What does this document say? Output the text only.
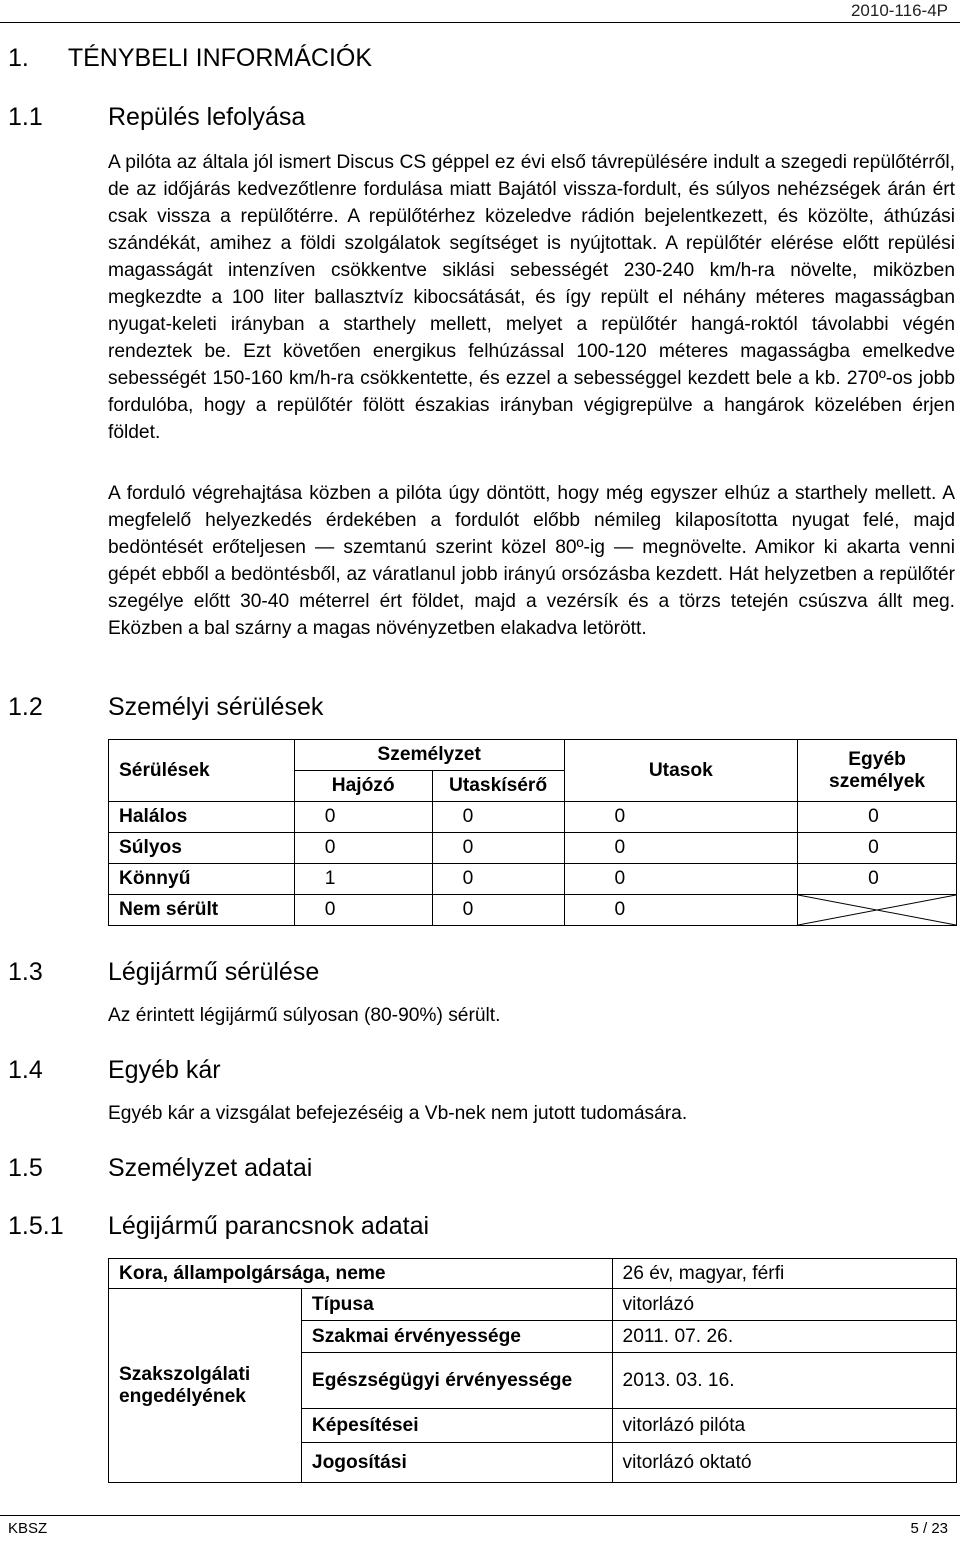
2010-116-4P
1. TÉNYBELI INFORMÁCIÓK
1.1	Repülés lefolyása
A pilóta az általa jól ismert Discus CS géppel ez évi első távrepülésére indult a szegedi repülőtérről, de az időjárás kedvezőtlenre fordulása miatt Bajától vissza-fordult, és súlyos nehézségek árán ért csak vissza a repülőtérre. A repülőtérhez közeledve rádión bejelentkezett, és közölte, áthúzási szándékát, amihez a földi szolgálatok segítséget is nyújtottak. A repülőtér elérése előtt repülési magasságát intenzíven csökkentve siklási sebességét 230-240 km/h-ra növelte, miközben megkezdte a 100 liter ballasztvíz kibocsátását, és így repült el néhány méteres magasságban nyugat-keleti irányban a starthely mellett, melyet a repülőtér hangá-roktól távolabbi végén rendeztek be. Ezt követően energikus felhúzással 100-120 méteres magasságba emelkedve sebességét 150-160 km/h-ra csökkentette, és ezzel a sebességgel kezdett bele a kb. 270º-os jobb fordulóba, hogy a repülőtér fölött északias irányban végigrepülve a hangárok közelében érjen földet.
A forduló végrehajtása közben a pilóta úgy döntött, hogy még egyszer elhúz a starthely mellett. A megfelelő helyezkedés érdekében a fordulót előbb némileg kilaposította nyugat felé, majd bedöntését erőteljesen — szemtanú szerint közel 80º-ig — megnövelte. Amikor ki akarta venni gépét ebből a bedöntésből, az váratlanul jobb irányú orsózásba kezdett. Hát helyzetben a repülőtér szegélye előtt 30-40 méterrel ért földet, majd a vezérsík és a törzs tetején csúszva állt meg. Eközben a bal szárny a magas növényzetben elakadva letörött.
1.2	Személyi sérülések
Sérülések	Személyzet		Utasok	Egyéb
személyek
	Hajózó	Utaskísérő		
Halálos	0	0	0	0
Súlyos	0	0	0	0
Könnyű	1	0	0	0
Nem sérült	0	0	0	
1.3	Légijármű sérülése
Az érintett légijármű súlyosan (80-90%) sérült.
1.4	Egyéb kár
Egyéb kár a vizsgálat befejezéséig a Vb-nek nem jutott tudomására.
1.5	Személyzet adatai
1.5.1 Légijármű parancsnok adatai
Kora, állampolgársága, neme		26 év, magyar, férfi
Szakszolgálati
engedélyének	Típusa	vitorlázó
	Szakmai érvényessége	2011. 07. 26.
	Egészségügyi érvényessége	2013. 03. 16.
	Képesítései	vitorlázó pilóta
	Jogosítási	vitorlázó oktató
KBSZ	5 / 23
